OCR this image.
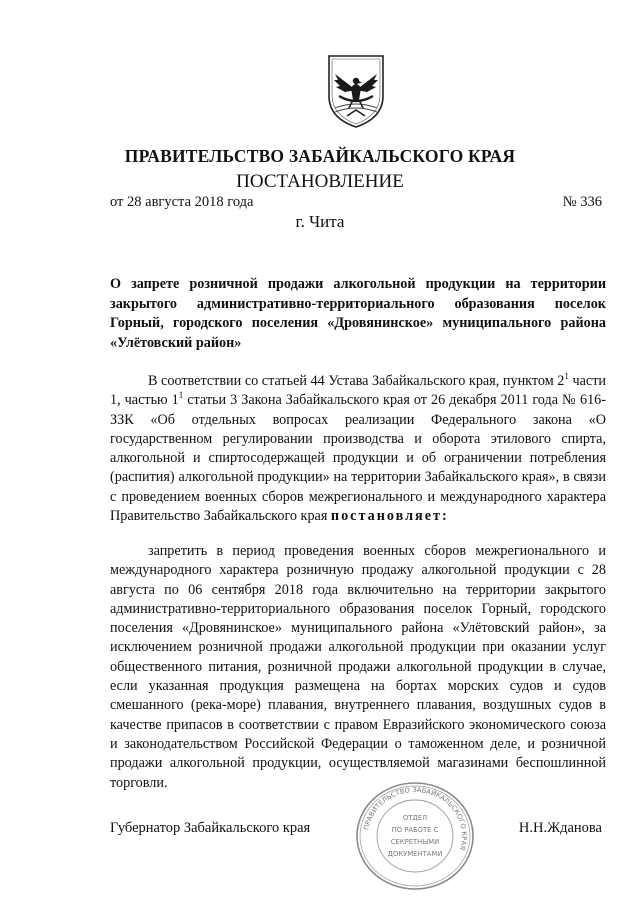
ПРАВИТЕЛЬСТВО ЗАБАЙКАЛЬСКОГО КРАЯ
ПОСТАНОВЛЕНИЕ
от 28 августа 2018 года	№ 336
г. Чита
О запрете розничной продажи алкогольной продукции на территории закрытого административно-территориального образования поселок Горный, городского поселения «Дровянинское» муниципального района «Улётовский район»
В соответствии со статьей 44 Устава Забайкальского края, пунктом $2^1$ части 1, частью $1^1$ статьи 3 Закона Забайкальского края от 26 декабря 2011 года № 616-ЗЗК «Об отдельных вопросах реализации Федерального закона «О государственном регулировании производства и оборота этилового спирта, алкогольной и спиртосодержащей продукции и об ограничении потребления (распития) алкогольной продукции» на территории Забайкальского края», в связи с проведением военных сборов межрегионального и международного характера Правительство Забайкальского края постановляет:
запретить в период проведения военных сборов межрегионального и международного характера розничную продажу алкогольной продукции с 28 августа по 06 сентября 2018 года включительно на территории закрытого административно-территориального образования поселок Горный, городского поселения «Дровянинское» муниципального района «Улётовский район», за исключением розничной продажи алкогольной продукции при оказании услуг общественного питания, розничной продажи алкогольной продукции в случае, если указанная продукция размещена на бортах морских судов и судов смешанного (река-море) плавания, внутреннего плавания, воздушных судов в качестве припасов в соответствии с правом Евразийского экономического союза и законодательством Российской Федерации о таможенном деле, и розничной продажи алкогольной продукции, осуществляемой магазинами беспошлинной торговли.
Губернатор Забайкальского края	Н.Н.Жданова
ПРАВИТЕЛЬСТВО ЗАБАЙКАЛЬСКОГО КРАЯ
ОТДЕЛ
ПО РАБОТЕ С
СЕКРЕТНЫМИ
ДОКУМЕНТАМИ
